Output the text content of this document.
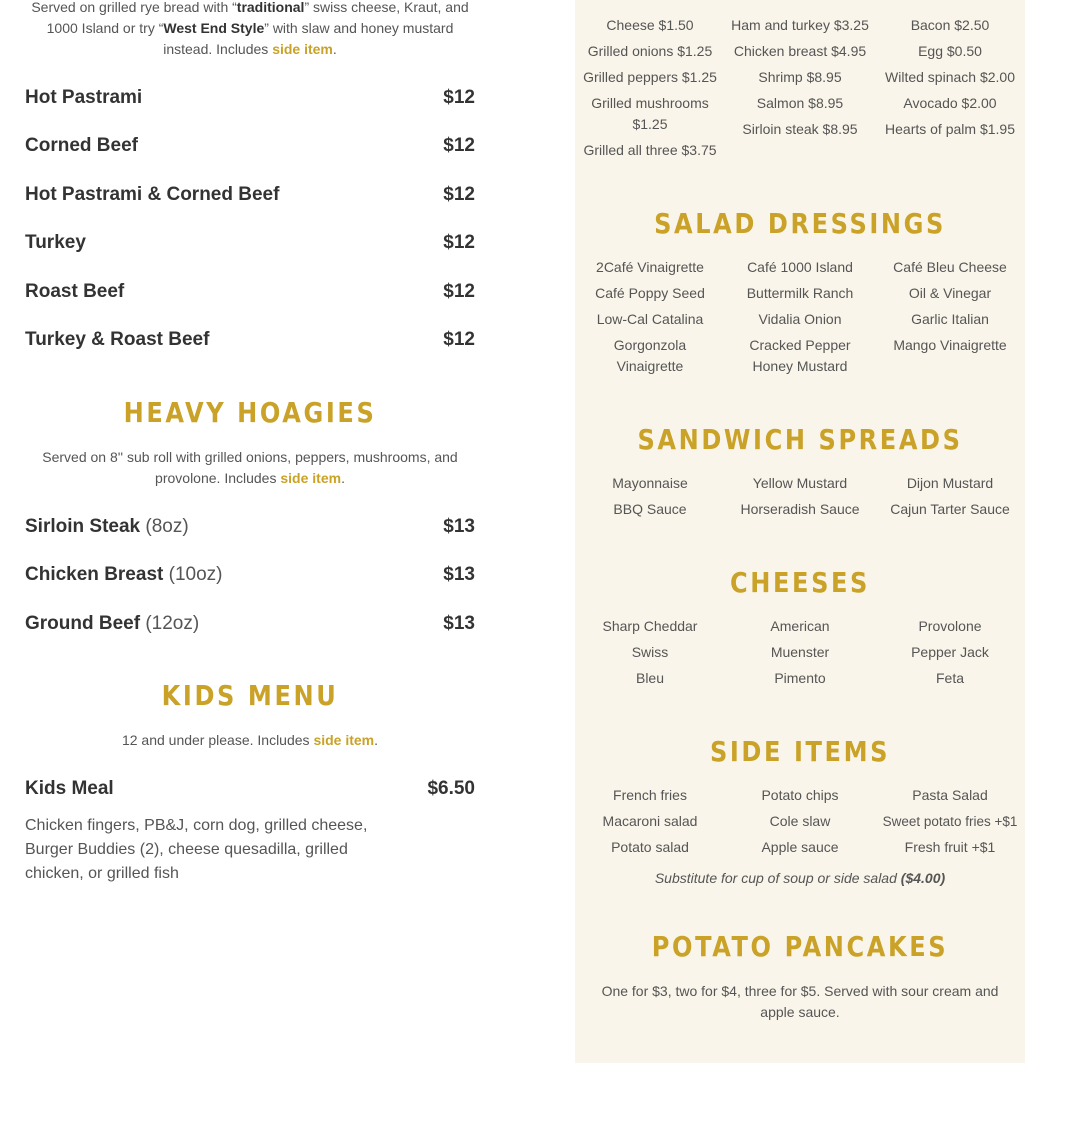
Served on grilled rye bread with “traditional” swiss cheese, Kraut, and 1000 Island or try “West End Style” with slaw and honey mustard instead. Includes side item.

Hot Pastrami	$12
Corned Beef	$12
Hot Pastrami & Corned Beef	$12
Turkey	$12
Roast Beef	$12
Turkey & Roast Beef	$12
HEAVY HOAGIES

Served on 8'' sub roll with grilled onions, peppers, mushrooms, and provolone. Includes side item.

Sirloin Steak (8oz)	$13
Chicken Breast (10oz)	$13
Ground Beef (12oz)	$13
KIDS MENU

12 and under please. Includes side item.

Kids Meal	$6.50

Chicken fingers, PB&J, corn dog, grilled cheese, Burger Buddies (2), cheese quesadilla, grilled chicken, or grilled fish

Cheese $1.50
Grilled onions $1.25
Grilled peppers $1.25
Grilled mushrooms $1.25
Grilled all three $3.75
Ham and turkey $3.25
Chicken breast $4.95
Shrimp $8.95
Salmon $8.95
Sirloin steak $8.95
Bacon $2.50
Egg $0.50
Wilted spinach $2.00
Avocado $2.00
Hearts of palm $1.95
SALAD DRESSINGS
2Café Vinaigrette
Café Poppy Seed
Low-Cal Catalina
Gorgonzola Vinaigrette
Café 1000 Island
Buttermilk Ranch
Vidalia Onion
Cracked Pepper Honey Mustard
Café Bleu Cheese
Oil & Vinegar
Garlic Italian
Mango Vinaigrette
SANDWICH SPREADS
Mayonnaise
BBQ Sauce
Yellow Mustard
Horseradish Sauce
Dijon Mustard
Cajun Tarter Sauce
CHEESES
Sharp Cheddar
Swiss
Bleu
American
Muenster
Pimento
Provolone
Pepper Jack
Feta
SIDE ITEMS
French fries
Macaroni salad
Potato salad
Potato chips
Cole slaw
Apple sauce
Pasta Salad
Sweet potato fries +$1
Fresh fruit +$1

Substitute for cup of soup or side salad ($4.00)

POTATO PANCAKES

One for $3, two for $4, three for $5. Served with sour cream and apple sauce.
